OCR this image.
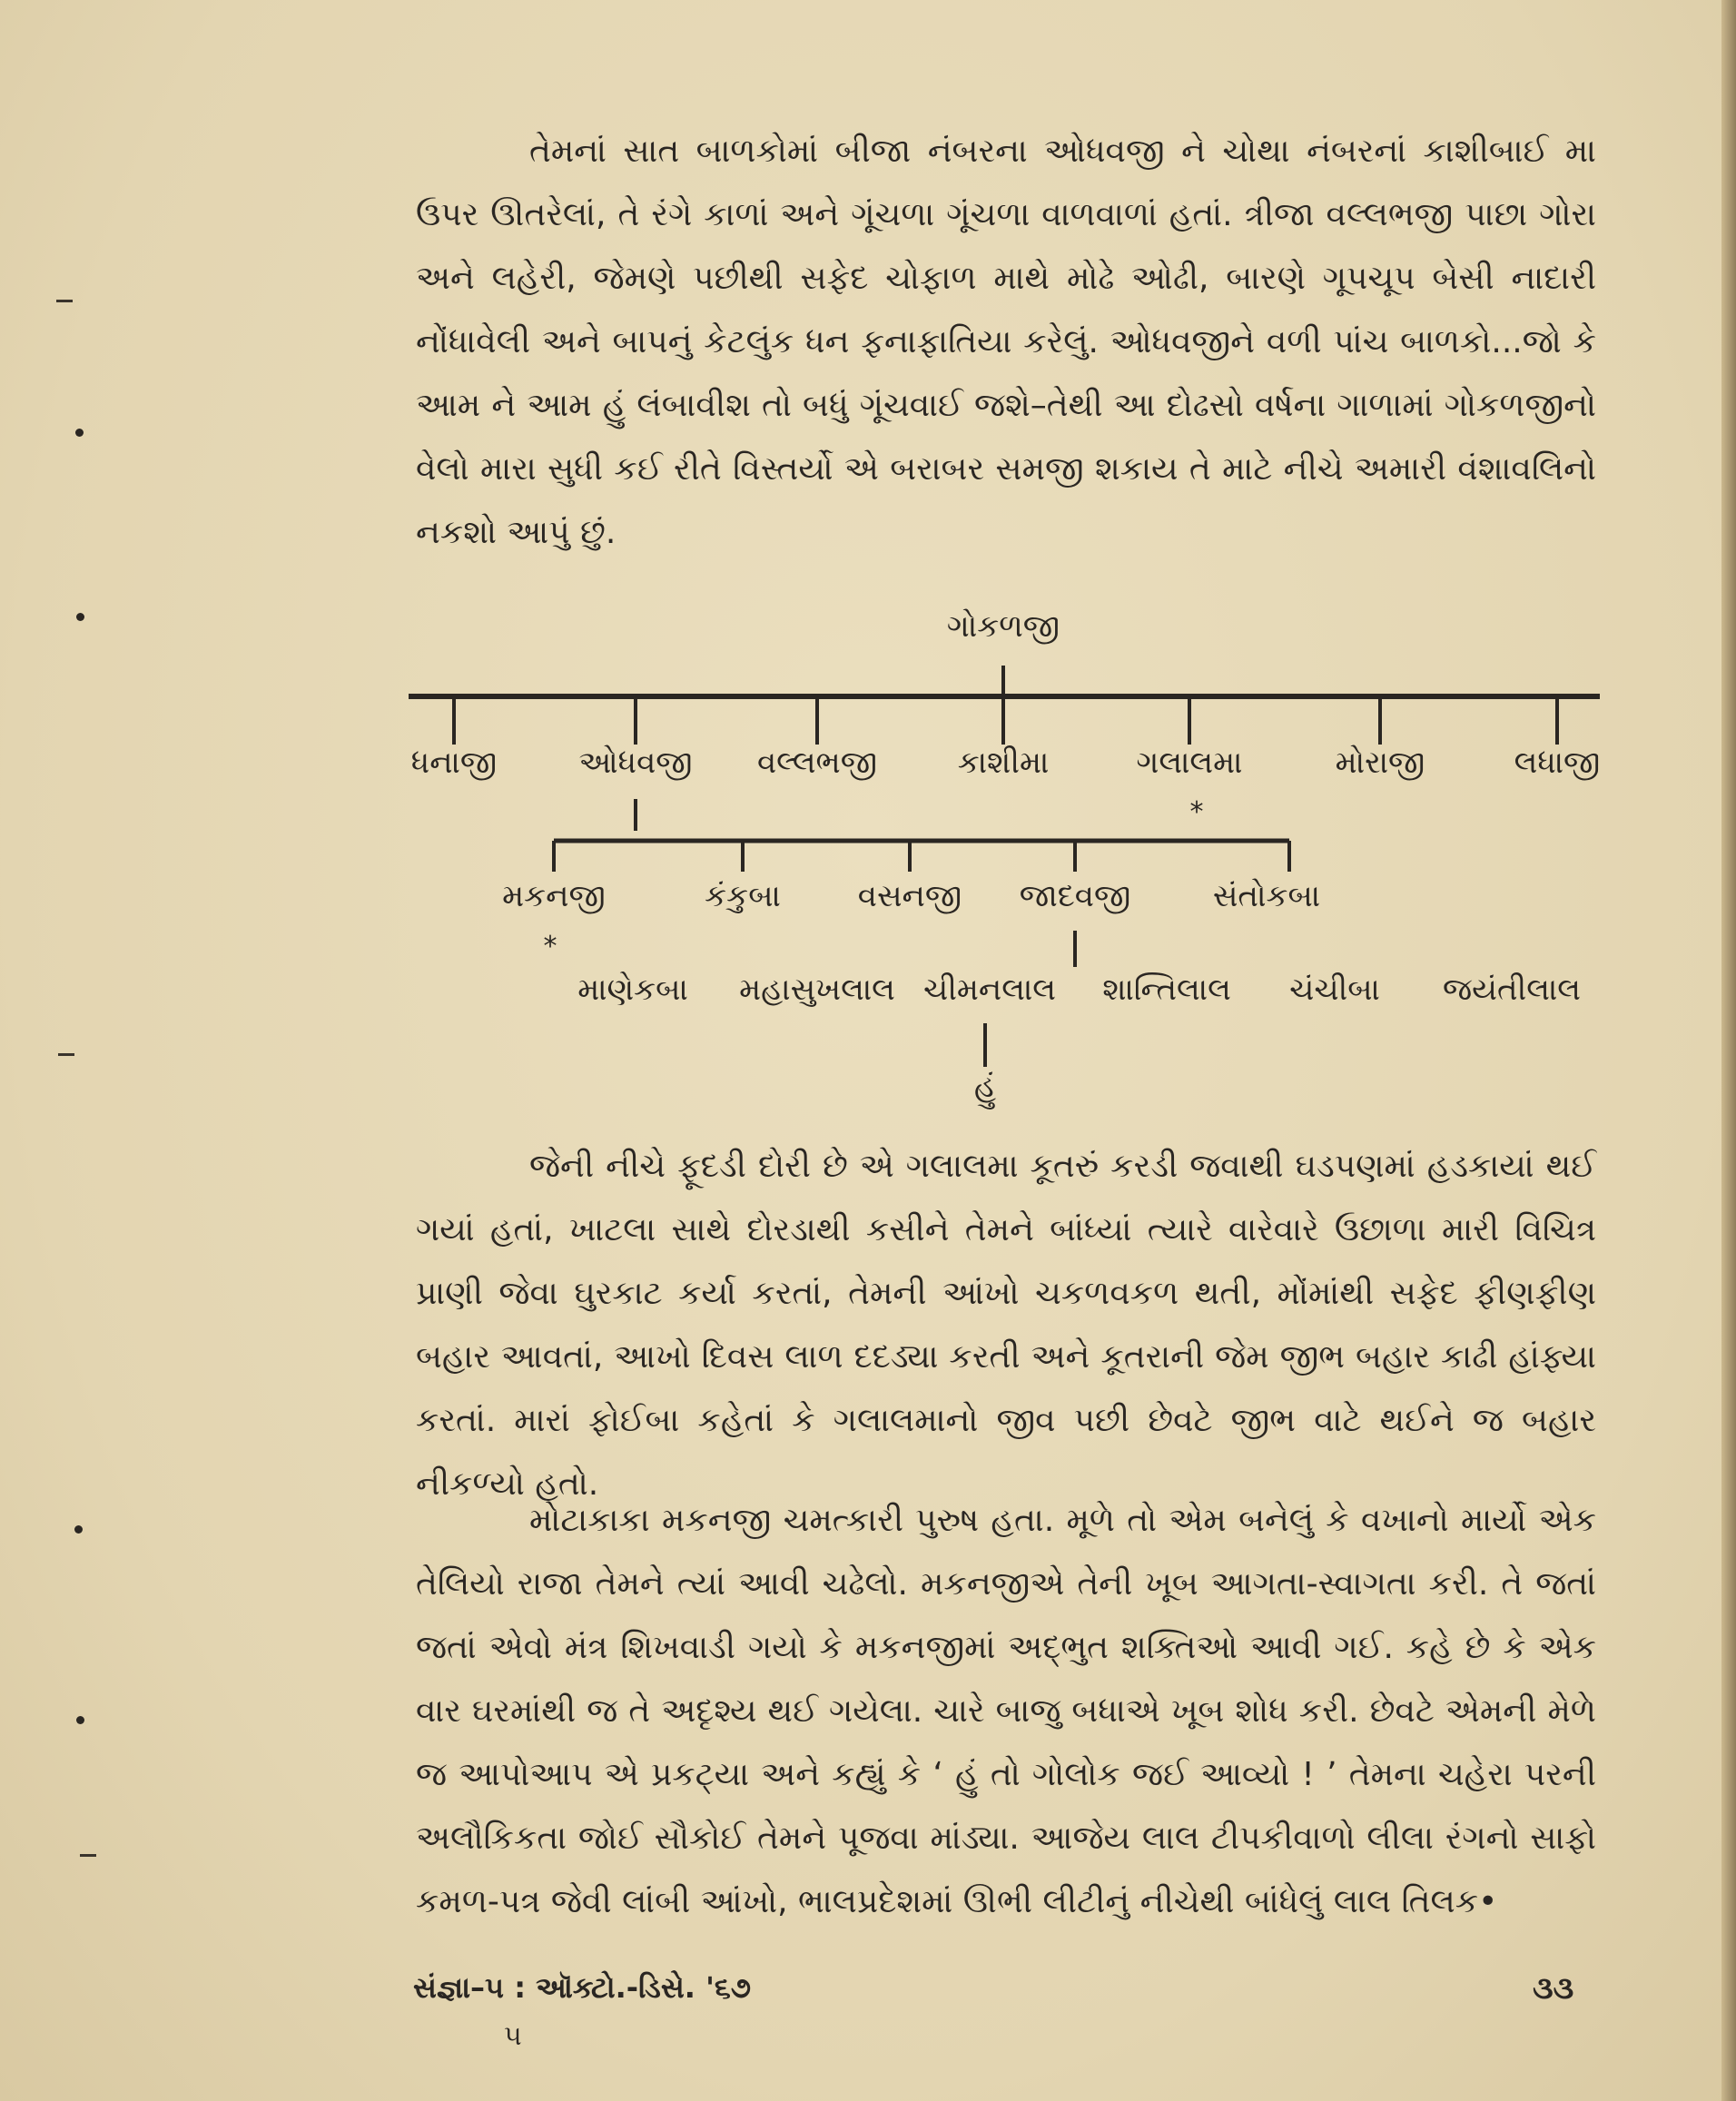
તેમનાં સાત બાળકોમાં બીજા નંબરના ઓધવજી ને ચોથા નંબરનાં કાશીબાઈ મા ઉપર ઊતરેલાં, તે રંગે કાળાં અને ગૂંચળા ગૂંચળા વાળવાળાં હતાં. ત્રીજા વલ્લભજી પાછા ગોરા અને લહેરી, જેમણે પછીથી સફેદ ચોફાળ માથે મોઢે ઓઢી, બારણે ગૂપચૂપ બેસી નાદારી નોંધાવેલી અને બાપનું કેટલુંક ધન ફનાફાતિયા કરેલું. ઓધવજીને વળી પાંચ બાળકો...જો કે આમ ને આમ હું લંબાવીશ તો બધું ગૂંચવાઈ જશે–તેથી આ દોઢસો વર્ષના ગાળામાં ગોકળજીનો વેલો મારા સુધી કઈ રીતે વિસ્તર્યો એ બરાબર સમજી શકાય તે માટે નીચે અમારી વંશાવલિનો નકશો આપું છું.

ગોકળજી
ધનાજી	ઓધવજી વલ્લભજી	કાશીમા	ગલાલમા	મોરાજી	લધાજી
*
મકનજી	કંકુબા વસનજી જાદવજી	સંતોકબા
*
માણેકબા મહાસુખલાલ ચીમનલાલ શાન્તિલાલ ચંચીબા જયંતીલાલ
હું

જેની નીચે ફૂદડી દોરી છે એ ગલાલમા કૂતરું કરડી જવાથી ઘડપણમાં હડકાયાં થઈ ગયાં હતાં, ખાટલા સાથે દોરડાથી કસીને તેમને બાંધ્યાં ત્યારે વારેવારે ઉછાળા મારી વિચિત્ર પ્રાણી જેવા ઘુરકાટ કર્યા કરતાં, તેમની આંખો ચકળવકળ થતી, મોંમાંથી સફેદ ફીણફીણ બહાર આવતાં, આખો દિવસ લાળ દદડ્યા કરતી અને કૂતરાની જેમ જીભ બહાર કાઢી હાંફ્યા કરતાં. મારાં ફોઈબા કહેતાં કે ગલાલમાનો જીવ પછી છેવટે જીભ વાટે થઈને જ બહાર નીકળ્યો હતો.

મોટાકાકા મકનજી ચમત્કારી પુરુષ હતા. મૂળે તો એમ બનેલું કે વખાનો માર્યો એક તેલિયો રાજા તેમને ત્યાં આવી ચઢેલો. મકનજીએ તેની ખૂબ આગતા-સ્વાગતા કરી. તે જતાં જતાં એવો મંત્ર શિખવાડી ગયો કે મકનજીમાં અદ્‌ભુત શક્તિઓ આવી ગઈ. કહે છે કે એક વાર ઘરમાંથી જ તે અદૃશ્ય થઈ ગયેલા. ચારે બાજુ બધાએ ખૂબ શોધ કરી. છેવટે એમની મેળે જ આપોઆપ એ પ્રકટ્યા અને કહ્યું કે ‘ હું તો ગોલોક જઈ આવ્યો ! ’ તેમના ચહેરા પરની અલૌકિકતા જોઈ સૌકોઈ તેમને પૂજવા માંડ્યા. આજેય લાલ ટીપકીવાળો લીલા રંગનો સાફો કમળ-પત્ર જેવી લાંબી આંખો, ભાલપ્રદેશમાં ઊભી લીટીનું નીચેથી બાંધેલું લાલ તિલક•

સંજ્ઞા–૫ : ઑક્ટો.-ડિસે. '૬૭
૫
૩૩
